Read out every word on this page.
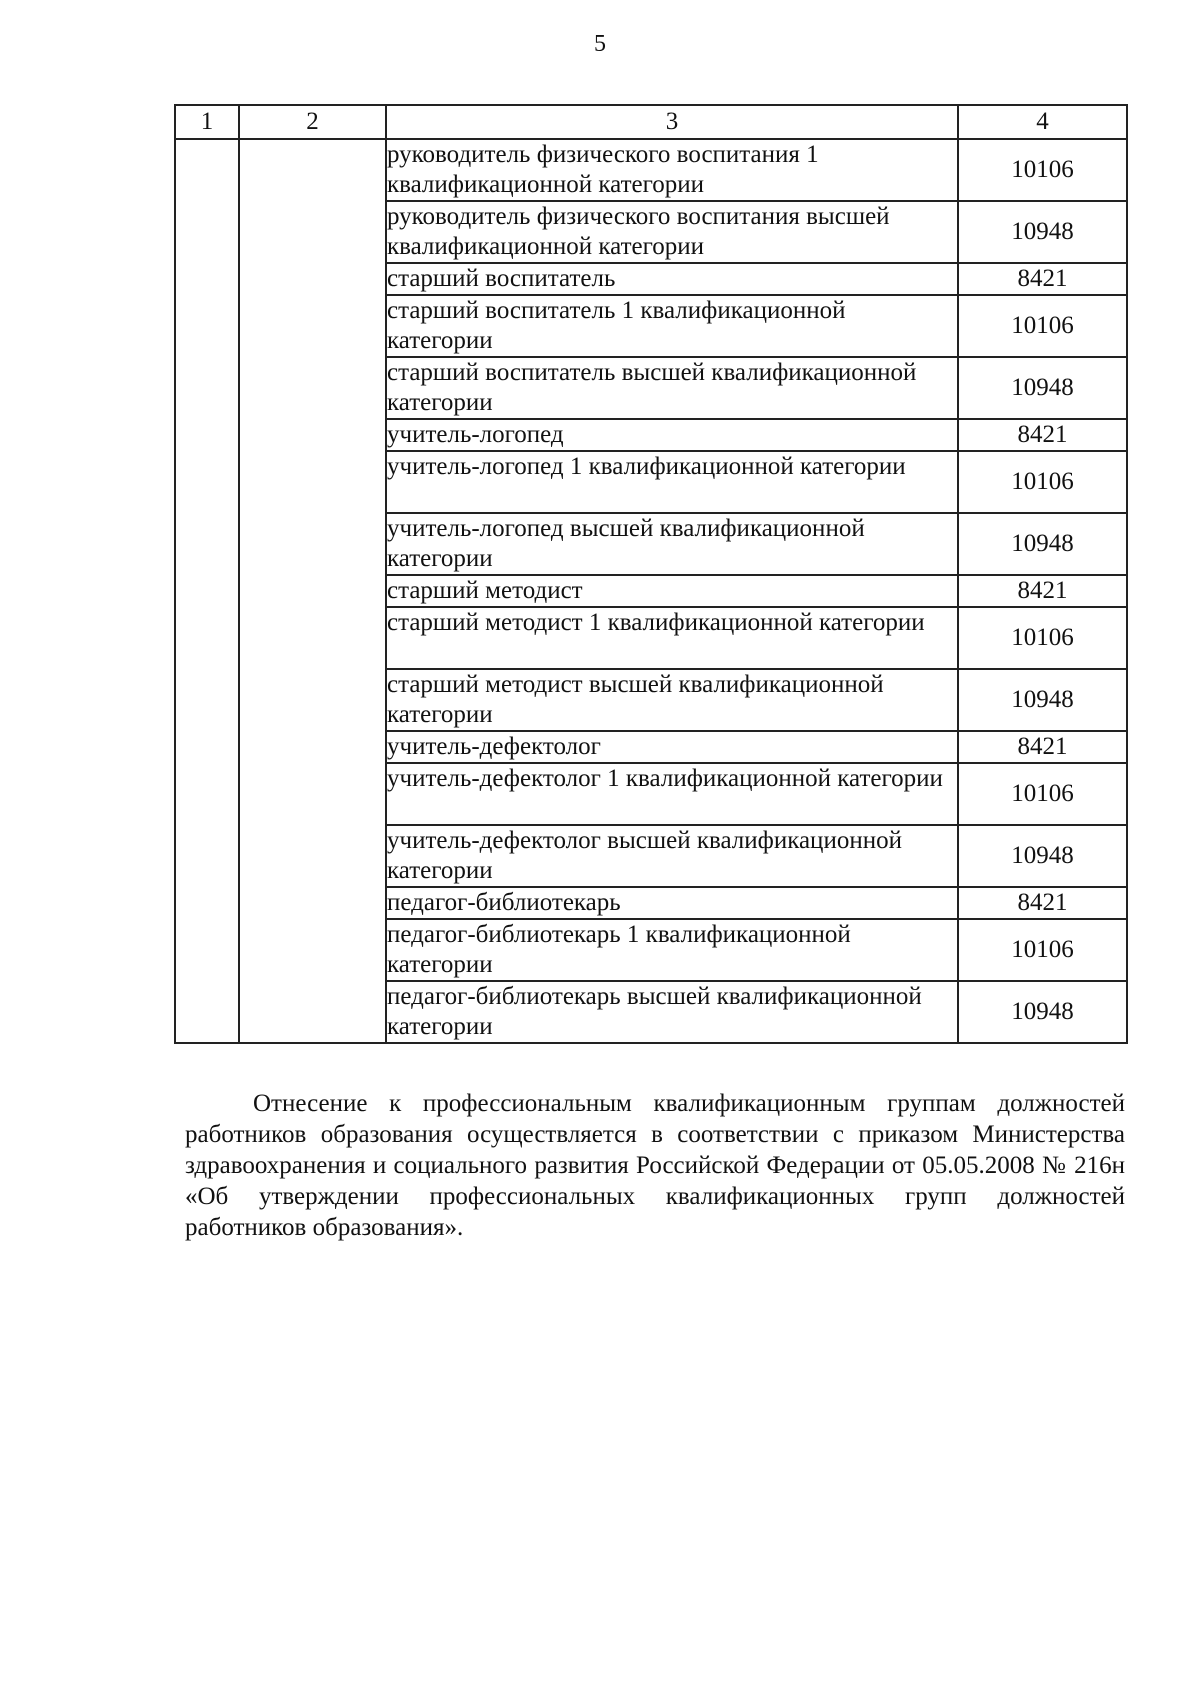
5
1	2	3	4
		руководитель физического воспитания 1 квалификационной категории	10106
		руководитель физического воспитания высшей квалификационной категории	10948
		старший воспитатель	8421
		старший воспитатель 1 квалификационной категории	10106
		старший воспитатель высшей квалификационной категории	10948
		учитель-логопед	8421
		учитель-логопед 1 квалификационной категории	10106
		учитель-логопед высшей квалификационной категории	10948
		старший методист	8421
		старший методист 1 квалификационной категории	10106
		старший методист высшей квалификационной категории	10948
		учитель-дефектолог	8421
		учитель-дефектолог 1 квалификационной категории	10106
		учитель-дефектолог высшей квалификационной категории	10948
		педагог-библиотекарь	8421
		педагог-библиотекарь 1 квалификационной категории	10106
		педагог-библиотекарь высшей квалификационной категории	10948

Отнесение к профессиональным квалификационным группам должностей работников образования осуществляется в соответствии с приказом Министерства здравоохранения и социального развития Российской Федерации от 05.05.2008 № 216н «Об утверждении профессиональных квалификационных групп должностей работников образования».
